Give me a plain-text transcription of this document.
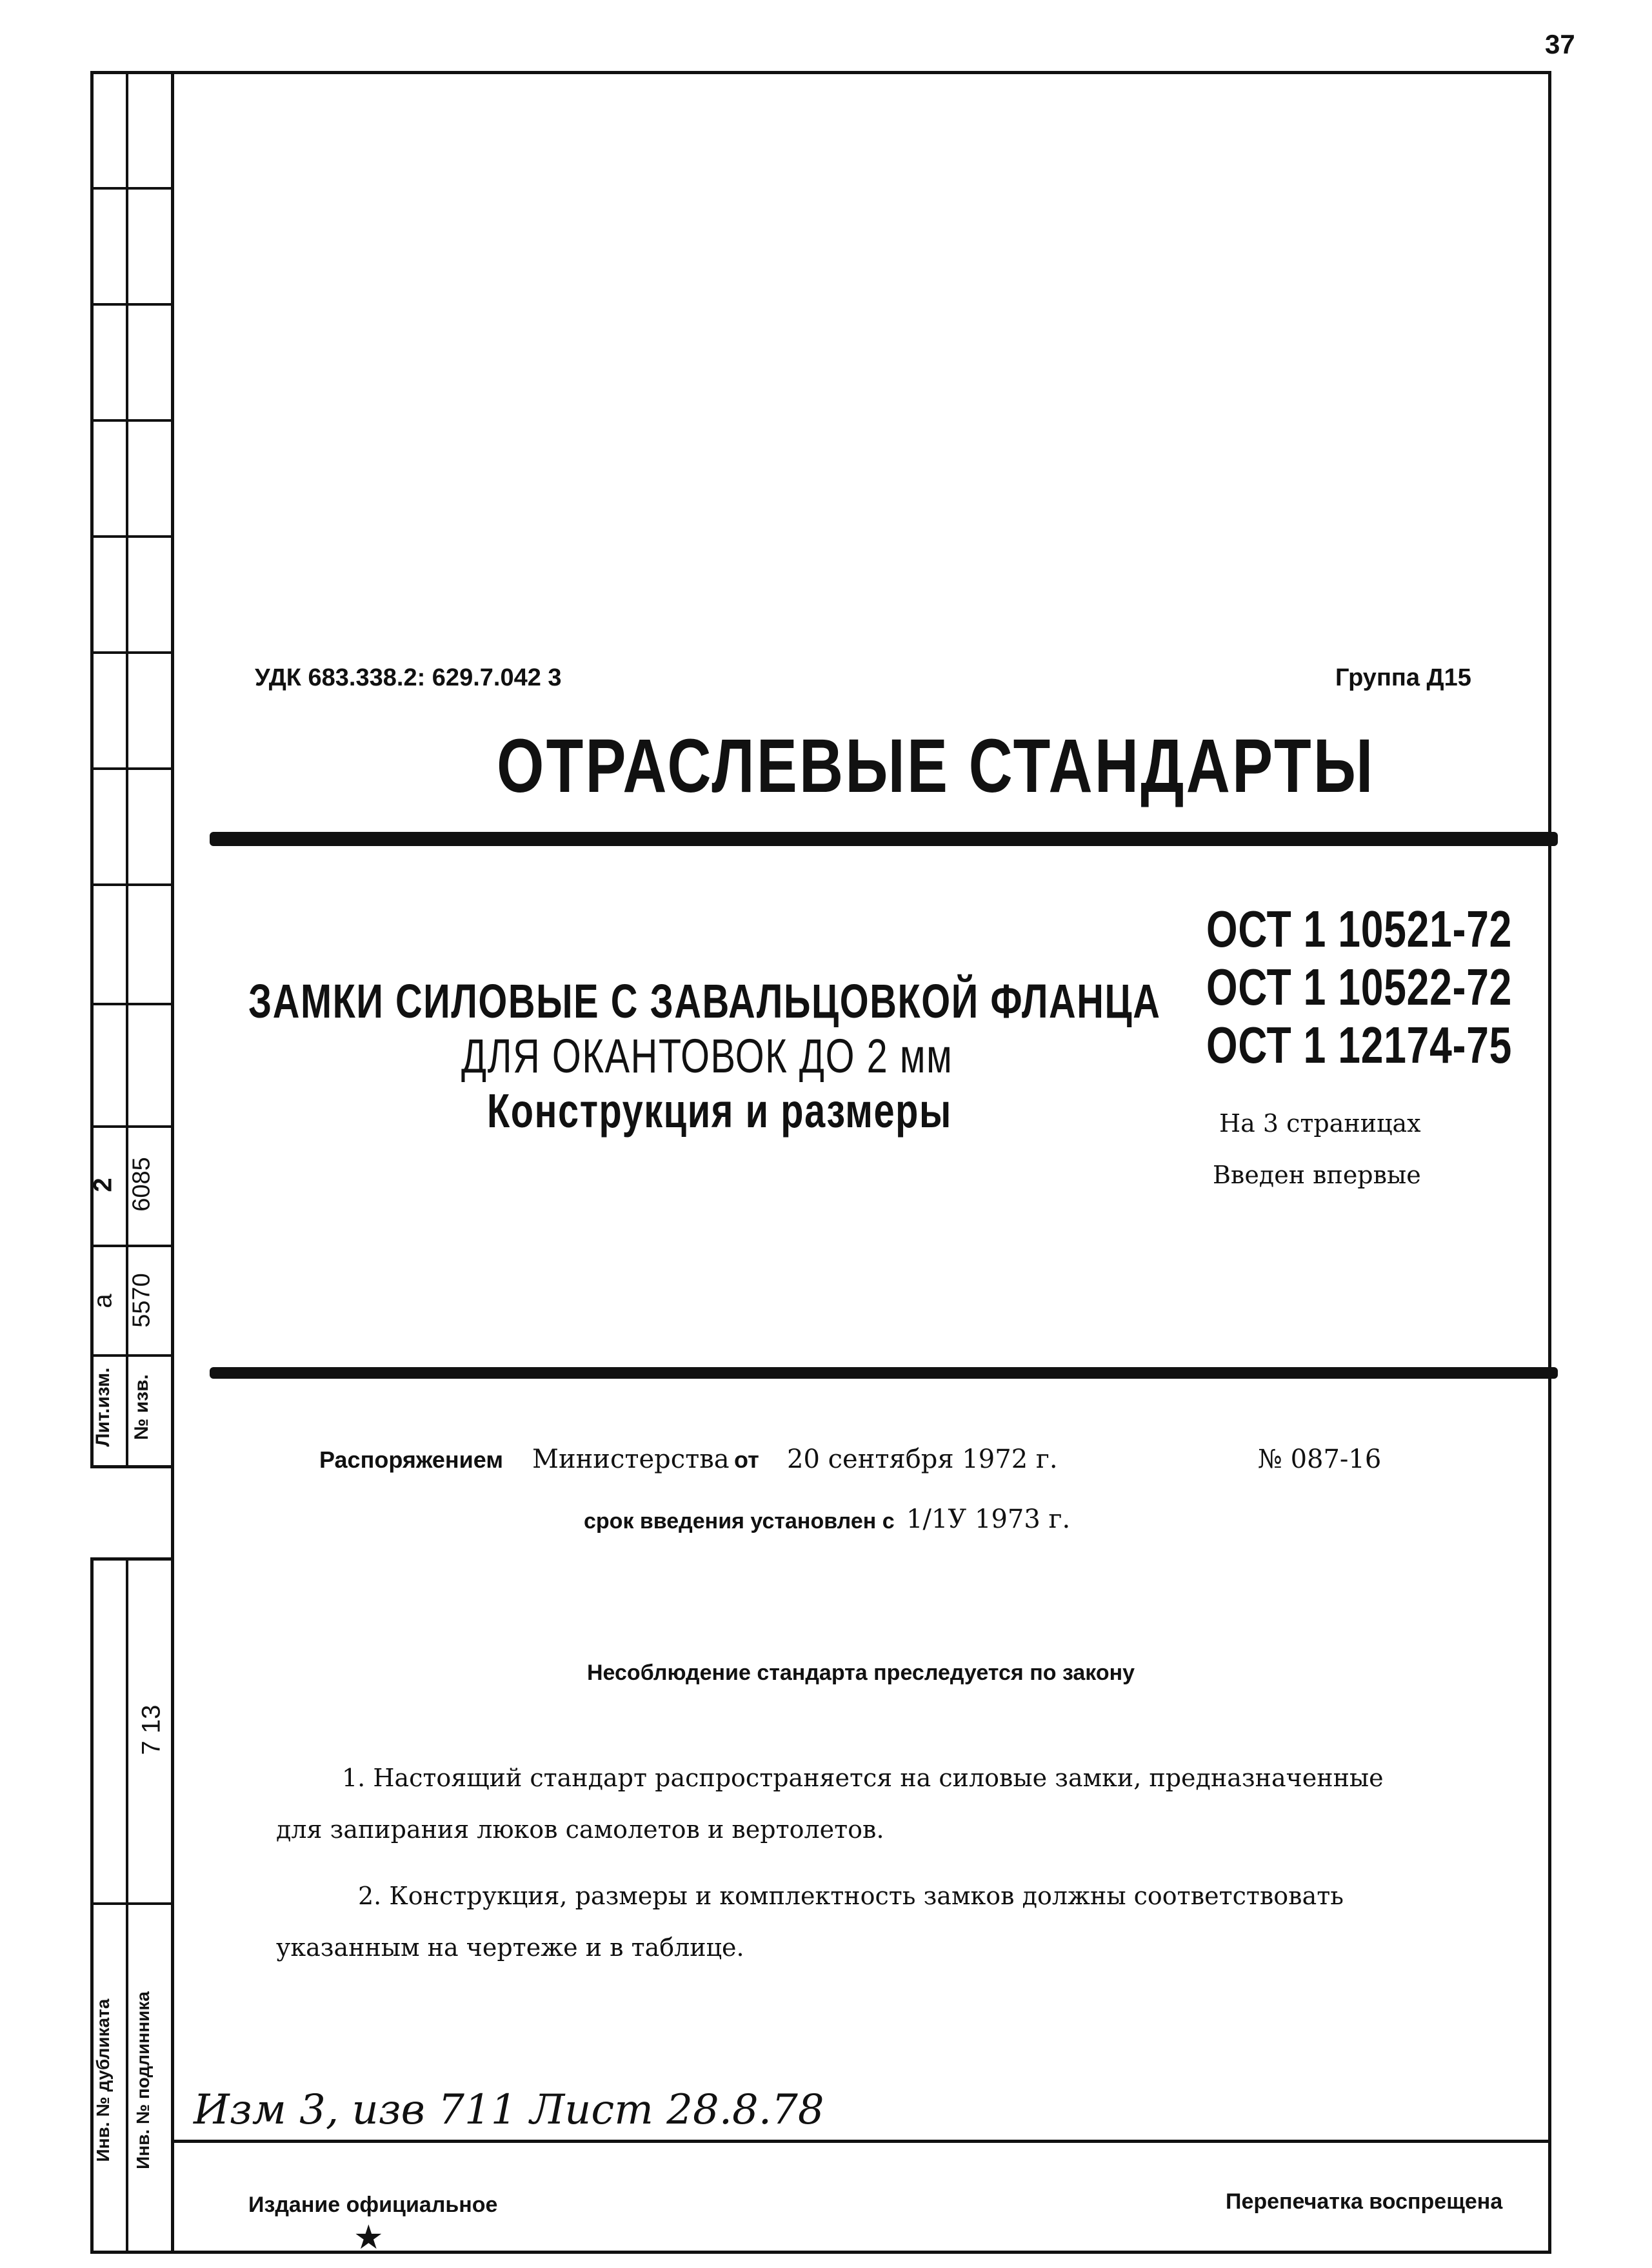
37
Лит.изм. № изв.
а 5570
2 6085
7 13
Инв. № дубликата Инв. № подлинника
УДК 683.338.2: 629.7.042 3	Группа Д15
ОТРАСЛЕВЫЕ СТАНДАРТЫ
ЗАМКИ СИЛОВЫЕ С ЗАВАЛЬЦОВКОЙ ФЛАНЦА
ДЛЯ ОКАНТОВОК ДО 2 мм
Конструкция и размеры
ОСТ 1 10521-72
ОСТ 1 10522-72
ОСТ 1 12174-75
На 3 страницах
Введен впервые
Распоряжением Министерства от 20 сентября 1972 г.	№ 087-16
срок введения установлен с 1/1У 1973 г.
Несоблюдение стандарта преследуется по закону
1. Настоящий стандарт распространяется на силовые замки, предназначенные
для запирания люков самолетов и вертолетов.
2. Конструкция, размеры и комплектность замков должны соответствовать
указанным на чертеже и в таблице.
Изм 3, изв 711 Лист 28.8.78
Издание официальное
★
Перепечатка воспрещена
